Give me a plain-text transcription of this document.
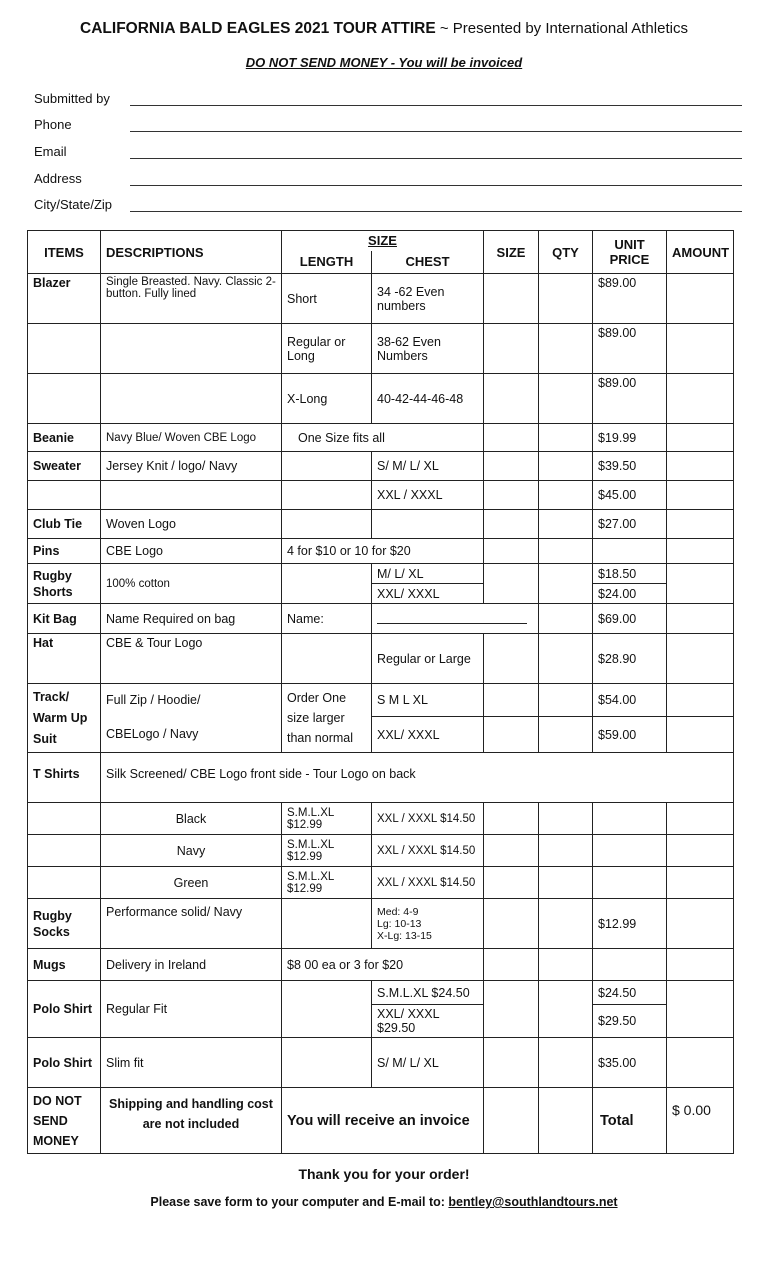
CALIFORNIA BALD EAGLES 2021 TOUR ATTIRE ~ Presented by International Athletics
DO NOT SEND MONEY - You will be invoiced
Submitted by
Phone
Email
Address
City/State/Zip
ITEMS	DESCRIPTIONS	SIZE		SIZE	QTY	UNIT PRICE	AMOUNT
		LENGTH	CHEST				
Blazer	Single Breasted. Navy. Classic 2-button. Fully lined	Short	34 -62 Even numbers			$89.00	
		Regular or Long	38-62 Even Numbers			$89.00	
		X-Long	40-42-44-46-48			$89.00	
Beanie	Navy Blue/ Woven CBE Logo	One Size fits all				$19.99	
Sweater	Jersey Knit / logo/ Navy		S/ M/ L/ XL			$39.50	
			XXL / XXXL			$45.00	
Club Tie	Woven Logo					$27.00	
Pins	CBE Logo	4 for $10 or 10 for $20					
Rugby Shorts	100% cotton		M/ L/ XL			$18.50	
			XXL/ XXXL			$24.00	
Kit Bag	Name Required on bag	Name:				$69.00	
Hat	CBE & Tour Logo		Regular or Large			$28.90	
Track/ Warm Up Suit	Full Zip / Hoodie/	Order One size larger than normal	S M L XL			$54.00	
	CBELogo / Navy		XXL/ XXXL			$59.00	
T Shirts	Silk Screened/ CBE Logo front side - Tour Logo on back						
	Black	S.M.L.XL $12.99	XXL / XXXL $14.50				
	Navy	S.M.L.XL $12.99	XXL / XXXL $14.50				
	Green	S.M.L.XL $12.99	XXL / XXXL $14.50				
Rugby Socks	Performance solid/ Navy		Med: 4-9
Lg: 10-13
X-Lg: 13-15			$12.99	
Mugs	Delivery in Ireland	$8 00 ea or 3 for $20					
Polo Shirt	Regular Fit		S.M.L.XL $24.50			$24.50	
			XXL/ XXXL $29.50			$29.50	
Polo Shirt	Slim fit		S/ M/ L/ XL			$35.00	
DO NOT SEND MONEY	Shipping and handling cost are not included	You will receive an invoice				Total	$ 0.00
Thank you for your order!
Please save form to your computer and E-mail to: bentley@southlandtours.net
